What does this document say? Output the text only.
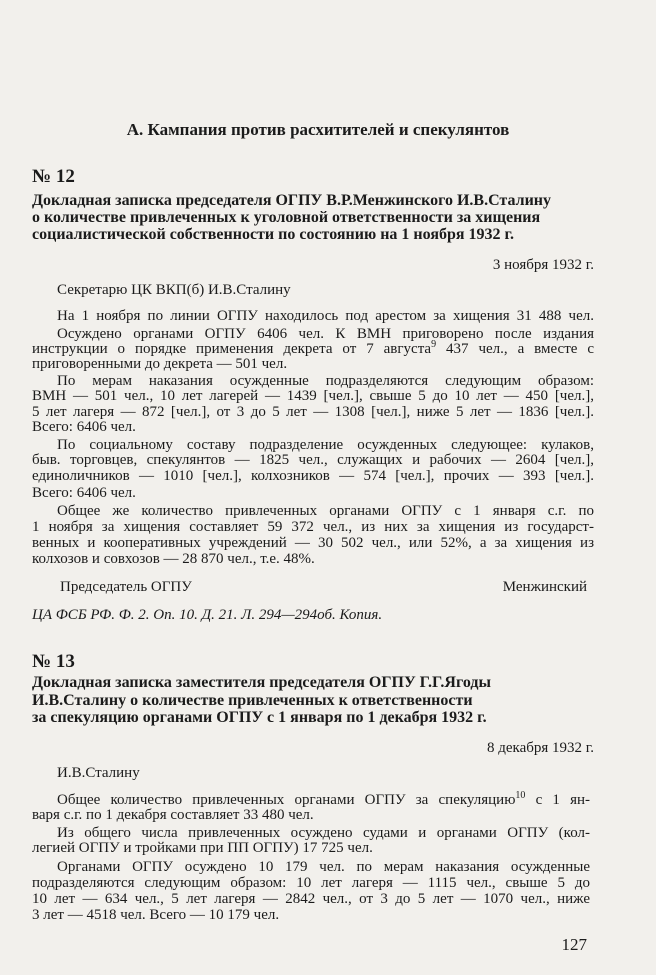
А. Кампания против расхитителей и спекулянтов
№ 12
Докладная записка председателя ОГПУ В.Р.Менжинского И.В.Сталину
о количестве привлеченных к уголовной ответственности за хищения
социалистической собственности по состоянию на 1 ноября 1932 г.
3 ноября 1932 г.
Секретарю ЦК ВКП(б) И.В.Сталину
На 1 ноября по линии ОГПУ находилось под арестом за хищения 31 488 чел.
Осуждено органами ОГПУ 6406 чел. К ВМН приговорено после издания
инструкции о порядке применения декрета от 7 августа$^9$ 437 чел., а вместе с
приговоренными до декрета — 501 чел.
По мерам наказания осужденные подразделяются следующим образом:
ВМН — 501 чел., 10 лет лагерей — 1439 [чел.], свыше 5 до 10 лет — 450 [чел.],
5 лет лагеря — 872 [чел.], от 3 до 5 лет — 1308 [чел.], ниже 5 лет — 1836 [чел.].
Всего: 6406 чел.
По социальному составу подразделение осужденных следующее: кулаков,
быв. торговцев, спекулянтов — 1825 чел., служащих и рабочих — 2604 [чел.],
единоличников — 1010 [чел.], колхозников — 574 [чел.], прочих — 393 [чел.].
Всего: 6406 чел.
Общее же количество привлеченных органами ОГПУ с 1 января с.г. по
1 ноября за хищения составляет 59 372 чел., из них за хищения из государст-
венных и кооперативных учреждений — 30 502 чел., или 52%, а за хищения из
колхозов и совхозов — 28 870 чел., т.е. 48%.
Председатель ОГПУ	Менжинский
ЦА ФСБ РФ. Ф. 2. Оп. 10. Д. 21. Л. 294—294об. Копия.
№ 13
Докладная записка заместителя председателя ОГПУ Г.Г.Ягоды
И.В.Сталину о количестве привлеченных к ответственности
за спекуляцию органами ОГПУ с 1 января по 1 декабря 1932 г.
8 декабря 1932 г.
И.В.Сталину
Общее количество привлеченных органами ОГПУ за спекуляцию$^{10}$ с 1 ян-
варя с.г. по 1 декабря составляет 33 480 чел.
Из общего числа привлеченных осуждено судами и органами ОГПУ (кол-
легией ОГПУ и тройками при ПП ОГПУ) 17 725 чел.
Органами ОГПУ осуждено 10 179 чел. по мерам наказания осужденные
подразделяются следующим образом: 10 лет лагеря — 1115 чел., свыше 5 до
10 лет — 634 чел., 5 лет лагеря — 2842 чел., от 3 до 5 лет — 1070 чел., ниже
3 лет — 4518 чел. Всего — 10 179 чел.
127
